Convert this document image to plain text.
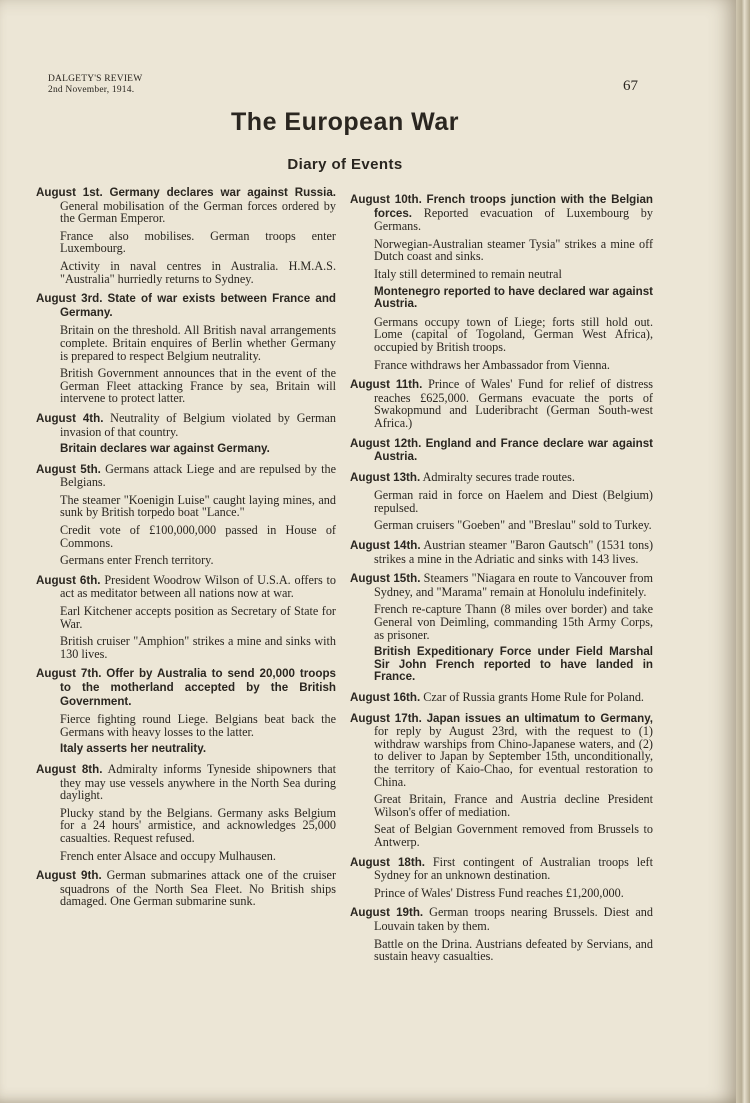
DALGETY'S REVIEW
2nd November, 1914.	67
The European War
Diary of Events
August 1st. Germany declares war against Russia. General mobilisation of the German forces ordered by the German Emperor.
France also mobilises. German troops enter Luxembourg.
Activity in naval centres in Australia. H.M.A.S. "Australia" hurriedly returns to Sydney.
August 3rd. State of war exists between France and Germany.
Britain on the threshold. All British naval arrangements complete. Britain enquires of Berlin whether Germany is prepared to respect Belgium neutrality.
British Government announces that in the event of the German Fleet attacking France by sea, Britain will intervene to protect latter.
August 4th. Neutrality of Belgium violated by German invasion of that country.
Britain declares war against Germany.
August 5th. Germans attack Liege and are repulsed by the Belgians.
The steamer "Koenigin Luise" caught laying mines, and sunk by British torpedo boat "Lance."
Credit vote of £100,000,000 passed in House of Commons.
Germans enter French territory.
August 6th. President Woodrow Wilson of U.S.A. offers to act as meditator between all nations now at war.
Earl Kitchener accepts position as Secretary of State for War.
British cruiser "Amphion" strikes a mine and sinks with 130 lives.
August 7th. Offer by Australia to send 20,000 troops to the motherland accepted by the British Government.
Fierce fighting round Liege. Belgians beat back the Germans with heavy losses to the latter.
Italy asserts her neutrality.
August 8th. Admiralty informs Tyneside shipowners that they may use vessels anywhere in the North Sea during daylight.
Plucky stand by the Belgians. Germany asks Belgium for a 24 hours' armistice, and acknowledges 25,000 casualties. Request refused.
French enter Alsace and occupy Mulhausen.
August 9th. German submarines attack one of the cruiser squadrons of the North Sea Fleet. No British ships damaged. One German submarine sunk.
August 10th. French troops junction with the Belgian forces. Reported evacuation of Luxembourg by Germans.
Norwegian-Australian steamer Tysia" strikes a mine off Dutch coast and sinks.
Italy still determined to remain neutral
Montenegro reported to have declared war against Austria.
Germans occupy town of Liege; forts still hold out. Lome (capital of Togoland, German West Africa), occupied by British troops.
France withdraws her Ambassador from Vienna.
August 11th. Prince of Wales' Fund for relief of distress reaches £625,000. Germans evacuate the ports of Swakopmund and Luderibracht (German South-west Africa.)
August 12th. England and France declare war against Austria.
August 13th. Admiralty secures trade routes.
German raid in force on Haelem and Diest (Belgium) repulsed.
German cruisers "Goeben" and "Breslau" sold to Turkey.
August 14th. Austrian steamer "Baron Gautsch" (1531 tons) strikes a mine in the Adriatic and sinks with 143 lives.
August 15th. Steamers "Niagara en route to Vancouver from Sydney, and "Marama" remain at Honolulu indefinitely.
French re-capture Thann (8 miles over border) and take General von Deimling, commanding 15th Army Corps, as prisoner.
British Expeditionary Force under Field Marshal Sir John French reported to have landed in France.
August 16th. Czar of Russia grants Home Rule for Poland.
August 17th. Japan issues an ultimatum to Germany, for reply by August 23rd, with the request to (1) withdraw warships from Chino-Japanese waters, and (2) to deliver to Japan by September 15th, unconditionally, the territory of Kaio-Chao, for eventual restoration to China.
Great Britain, France and Austria decline President Wilson's offer of mediation.
Seat of Belgian Government removed from Brussels to Antwerp.
August 18th. First contingent of Australian troops left Sydney for an unknown destination.
Prince of Wales' Distress Fund reaches £1,200,000.
August 19th. German troops nearing Brussels. Diest and Louvain taken by them.
Battle on the Drina. Austrians defeated by Servians, and sustain heavy casualties.
